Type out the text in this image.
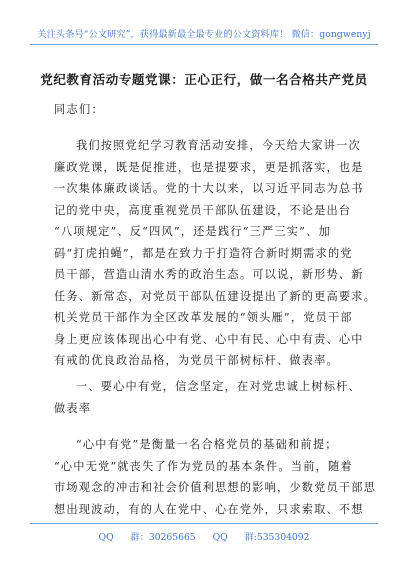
关注头条号“公文研究”，获得最新最全最专业的公文资料库！ 微信：gongwenyj
党纪教育活动专题党课：正心正行，做一名合格共产党员
同志们：
我们按照党纪学习教育活动安排，今天给大家讲一次
廉政党课，既是促推进，也是提要求，更是抓落实，也是
一次集体廉政谈话。党的十大以来，以习近平同志为总书
记的党中央，高度重视党员干部队伍建设，不论是出台
“八项规定”、反“四风”，还是践行“三严三实”、加
码“打虎拍蝇”，都是在致力于打造符合新时期需求的党
员干部，营造山清水秀的政治生态。可以说，新形势、新
任务、新常态，对党员干部队伍建设提出了新的更高要求。
机关党员干部作为全区改革发展的“领头雁”，党员干部
身上更应该体现出心中有党、心中有民、心中有责、心中
有戒的优良政治品格，为党员干部树标杆、做表率。
一、要心中有党，信念坚定，在对党忠诚上树标杆、
做表率
“心中有党”是衡量一名合格党员的基础和前提；
“心中无党”就丧失了作为党员的基本条件。当前，随着
市场观念的冲击和社会价值利思想的影响，少数党员干部思
想出现波动，有的人在党中、心在党外，只求索取、不想
QQ 群：30265665 QQ 群:535304092
